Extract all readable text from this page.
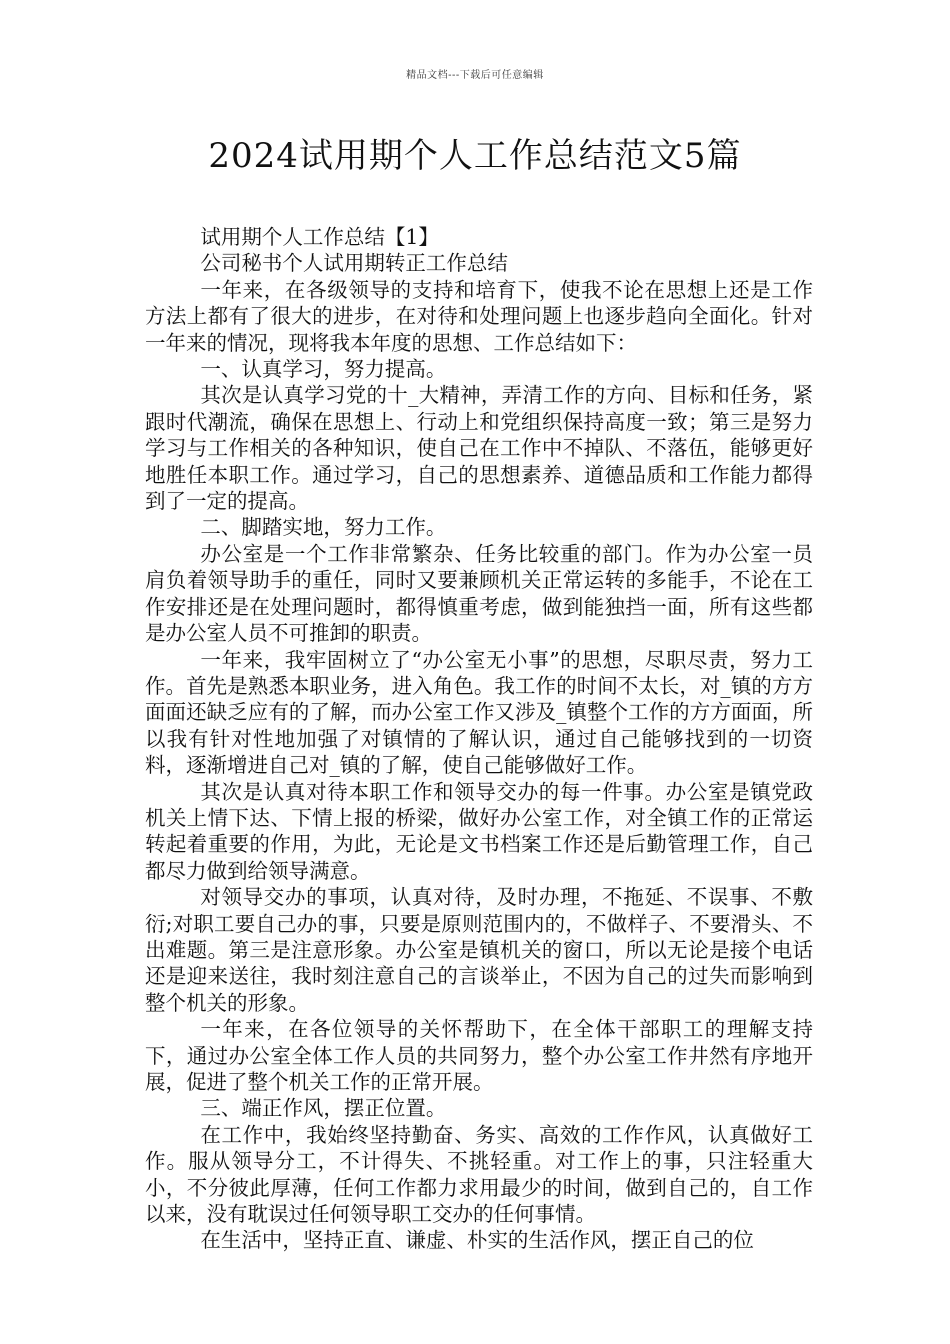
精品文档---下载后可任意编辑
2024试用期个人工作总结范文5篇

试用期个人工作总结【1】

公司秘书个人试用期转正工作总结

一年来，在各级领导的支持和培育下，使我不论在思想上还是工作方法上都有了很大的进步，在对待和处理问题上也逐步趋向全面化。针对一年来的情况，现将我本年度的思想、工作总结如下：

一、认真学习，努力提高。

其次是认真学习党的十_大精神，弄清工作的方向、目标和任务，紧跟时代潮流，确保在思想上、行动上和党组织保持高度一致；第三是努力学习与工作相关的各种知识，使自己在工作中不掉队、不落伍，能够更好地胜任本职工作。通过学习，自己的思想素养、道德品质和工作能力都得到了一定的提高。

二、脚踏实地，努力工作。

办公室是一个工作非常繁杂、任务比较重的部门。作为办公室一员肩负着领导助手的重任，同时又要兼顾机关正常运转的多能手，不论在工作安排还是在处理问题时，都得慎重考虑，做到能独挡一面，所有这些都是办公室人员不可推卸的职责。

一年来，我牢固树立了“办公室无小事”的思想，尽职尽责，努力工作。首先是熟悉本职业务，进入角色。我工作的时间不太长，对_镇的方方面面还缺乏应有的了解，而办公室工作又涉及_镇整个工作的方方面面，所以我有针对性地加强了对镇情的了解认识，通过自己能够找到的一切资料，逐渐增进自己对_镇的了解，使自己能够做好工作。

其次是认真对待本职工作和领导交办的每一件事。办公室是镇党政机关上情下达、下情上报的桥梁，做好办公室工作，对全镇工作的正常运转起着重要的作用，为此，无论是文书档案工作还是后勤管理工作，自己都尽力做到给领导满意。

对领导交办的事项，认真对待，及时办理，不拖延、不误事、不敷衍;对职工要自己办的事，只要是原则范围内的，不做样子、不要滑头、不出难题。第三是注意形象。办公室是镇机关的窗口，所以无论是接个电话还是迎来送往，我时刻注意自己的言谈举止，不因为自己的过失而影响到整个机关的形象。

一年来，在各位领导的关怀帮助下，在全体干部职工的理解支持下，通过办公室全体工作人员的共同努力，整个办公室工作井然有序地开展，促进了整个机关工作的正常开展。

三、端正作风，摆正位置。

在工作中，我始终坚持勤奋、务实、高效的工作作风，认真做好工作。服从领导分工，不计得失、不挑轻重。对工作上的事，只注轻重大小，不分彼此厚薄，任何工作都力求用最少的时间，做到自己的，自工作以来，没有耽误过任何领导职工交办的任何事情。

在生活中，坚持正直、谦虚、朴实的生活作风，摆正自己的位
